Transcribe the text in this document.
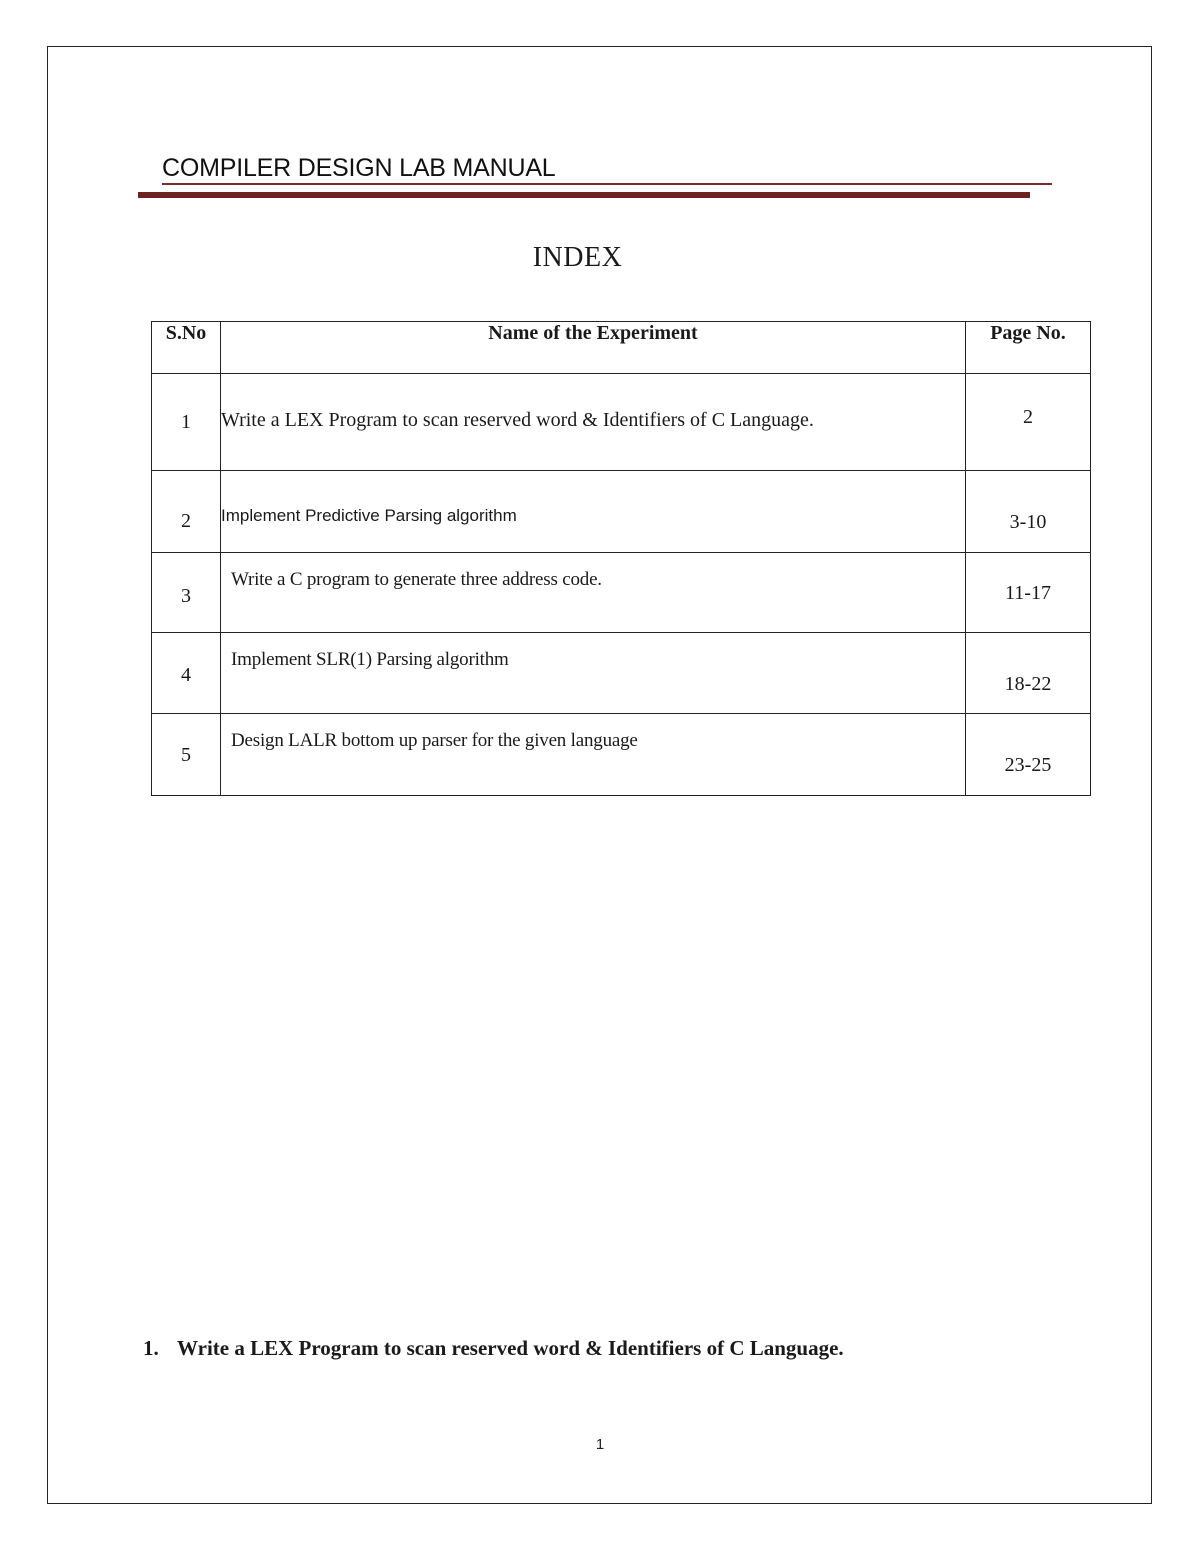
COMPILER DESIGN LAB MANUAL
INDEX
S.No	Name of the Experiment	Page No.
1	Write a LEX Program to scan reserved word & Identifiers of C Language.	2

2	Implement Predictive Parsing algorithm	3-10

3	Write a C program to generate three address code.	11-17

4	Implement SLR(1) Parsing algorithm	18-22

5	Design LALR bottom up parser for the given language	23-25
1. Write a LEX Program to scan reserved word & Identifiers of C Language.
1
